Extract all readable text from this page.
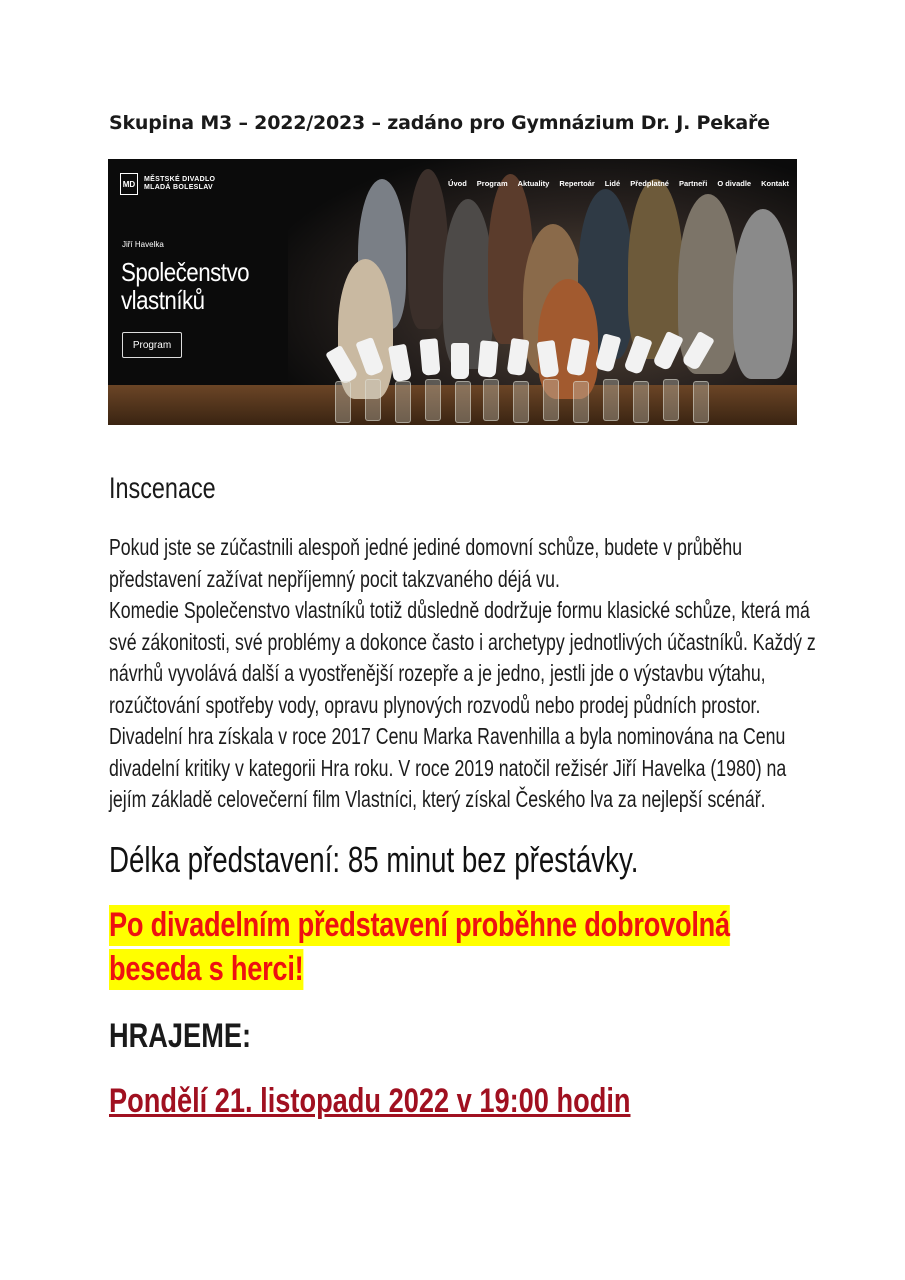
Skupina M3 – 2022/2023 – zadáno pro Gymnázium Dr. J. Pekaře
MD	MĚSTSKÉ DIVADLO
MLADÁ BOLESLAV	Úvod Program Aktuality Repertoár Lidé Předplatné Partneři O divadle Kontakt
Jiří Havelka
Společenstvo
vlastníků
Program
Inscenace
Pokud jste se zúčastnili alespoň jedné jediné domovní schůze, budete v průběhu
představení zažívat nepříjemný pocit takzvaného déjá vu.
Komedie Společenstvo vlastníků totiž důsledně dodržuje formu klasické schůze, která má
své zákonitosti, své problémy a dokonce často i archetypy jednotlivých účastníků. Každý z
návrhů vyvolává další a vyostřenější rozepře a je jedno, jestli jde o výstavbu výtahu,
rozúčtování spotřeby vody, opravu plynových rozvodů nebo prodej půdních prostor.
Divadelní hra získala v roce 2017 Cenu Marka Ravenhilla a byla nominována na Cenu
divadelní kritiky v kategorii Hra roku. V roce 2019 natočil režisér Jiří Havelka (1980) na
jejím základě celovečerní film Vlastníci, který získal Českého lva za nejlepší scénář.
Délka představení: 85 minut bez přestávky.
Po divadelním představení proběhne dobrovolná
beseda s herci!
HRAJEME:
Pondělí 21. listopadu 2022 v 19:00 hodin
